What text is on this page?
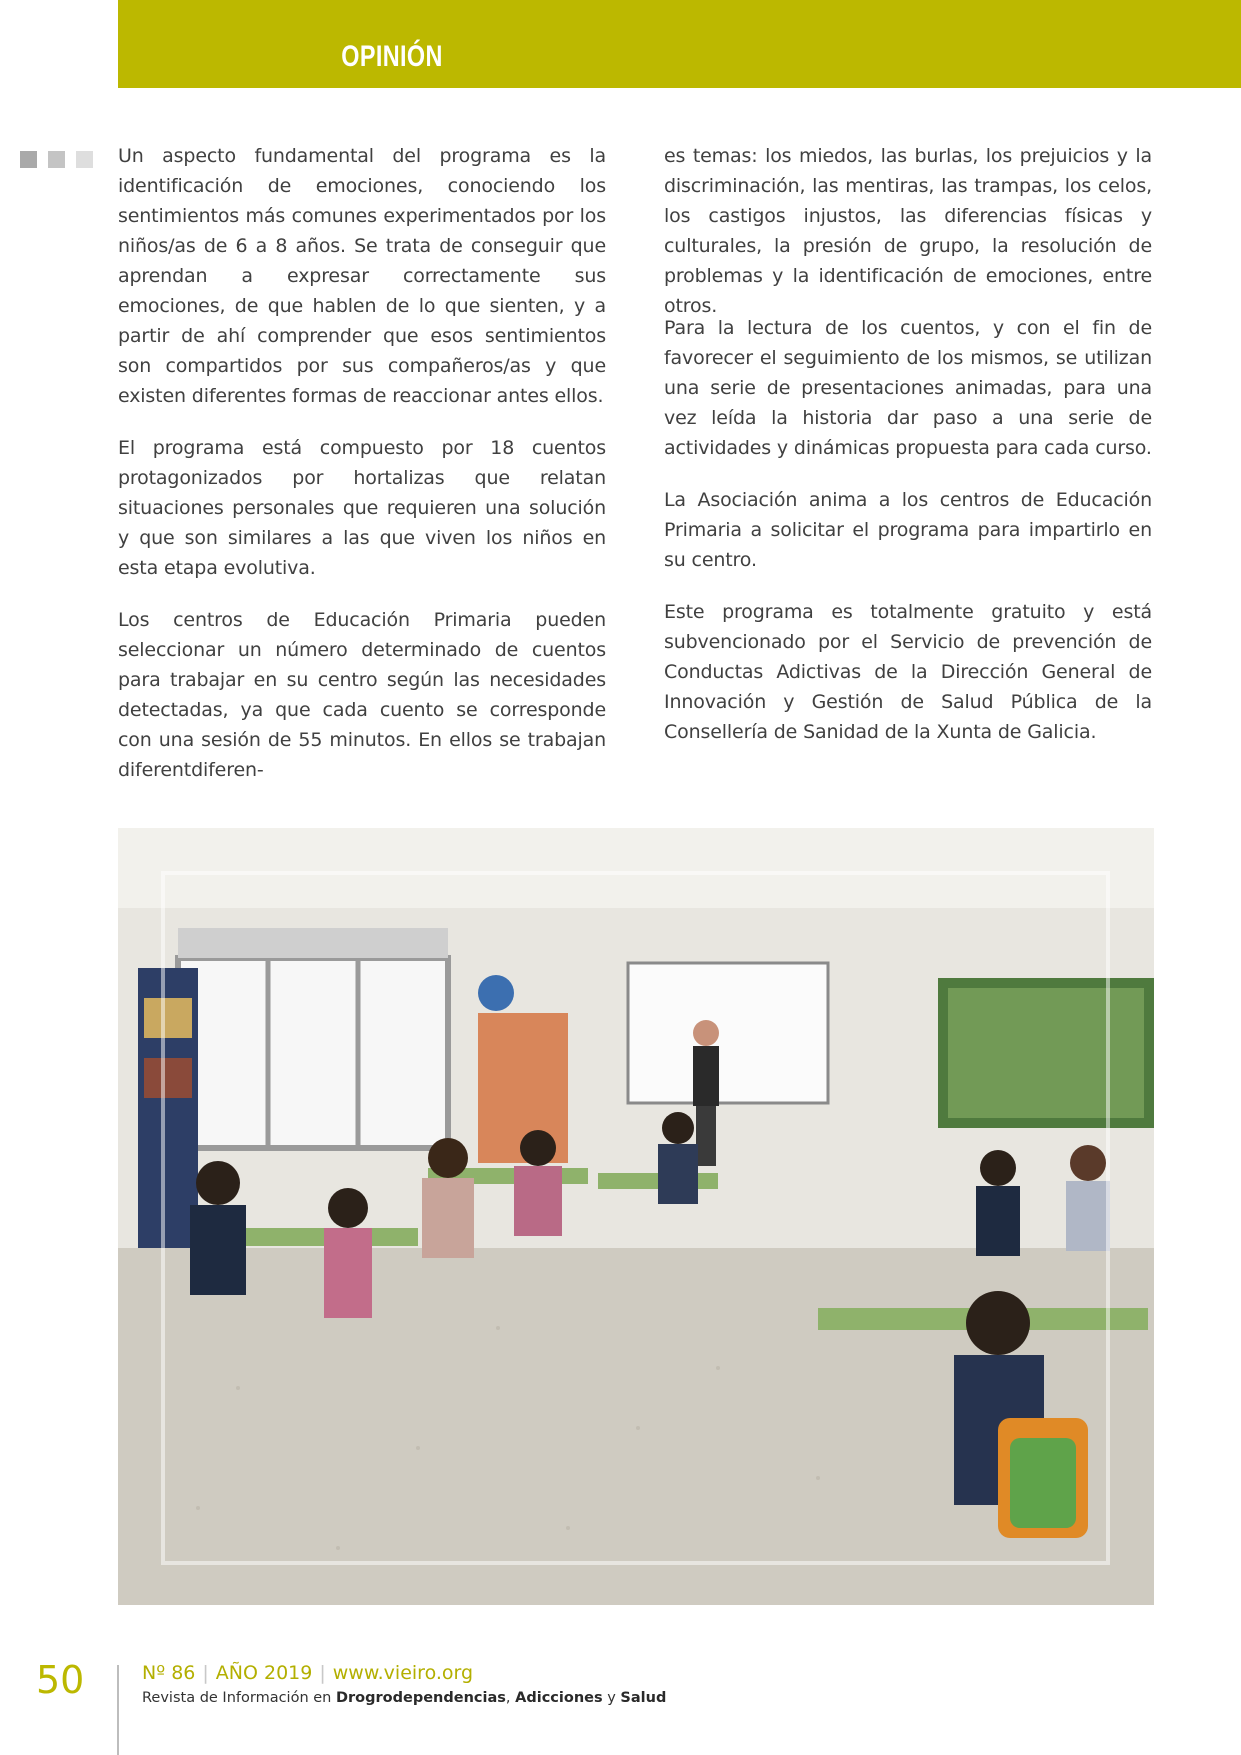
OPINIÓN

Un aspecto fundamental del programa es la identificación de emociones, conociendo los sentimientos más comunes experimentados por los niños/as de 6 a 8 años. Se trata de conseguir que aprendan a expresar correctamente sus emociones, de que hablen de lo que sienten, y a partir de ahí comprender que esos sentimientos son compartidos por sus compañeros/as y que existen diferentes formas de reaccionar antes ellos.

El programa está compuesto por 18 cuentos protagonizados por hortalizas que relatan situaciones personales que requieren una solución y que son similares a las que viven los niños en esta etapa evolutiva.

Los centros de Educación Primaria pueden seleccionar un número determinado de cuentos para trabajar en su centro según las necesidades detectadas, ya que cada cuento se corresponde con una sesión de 55 minutos. En ellos se trabajan diferentdiferen-

es temas: los miedos, las burlas, los prejuicios y la discriminación, las mentiras, las trampas, los celos, los castigos injustos, las diferencias físicas y culturales, la presión de grupo, la resolución de problemas y la identificación de emociones, entre otros.

Para la lectura de los cuentos, y con el fin de favorecer el seguimiento de los mismos, se utilizan una serie de presentaciones animadas, para una vez leída la historia dar paso a una serie de actividades y dinámicas propuesta para cada curso.

La Asociación anima a los centros de Educación Primaria a solicitar el programa para impartirlo en su centro.

Este programa es totalmente gratuito y está subvencionado por el Servicio de prevención de Conductas Adictivas de la Dirección General de Innovación y Gestión de Salud Pública de la Consellería de Sanidad de la Xunta de Galicia.

50	Nº 86 | AÑO 2019 | www.vieiro.org
Revista de Información en Drogrodependencias, Adicciones y Salud
